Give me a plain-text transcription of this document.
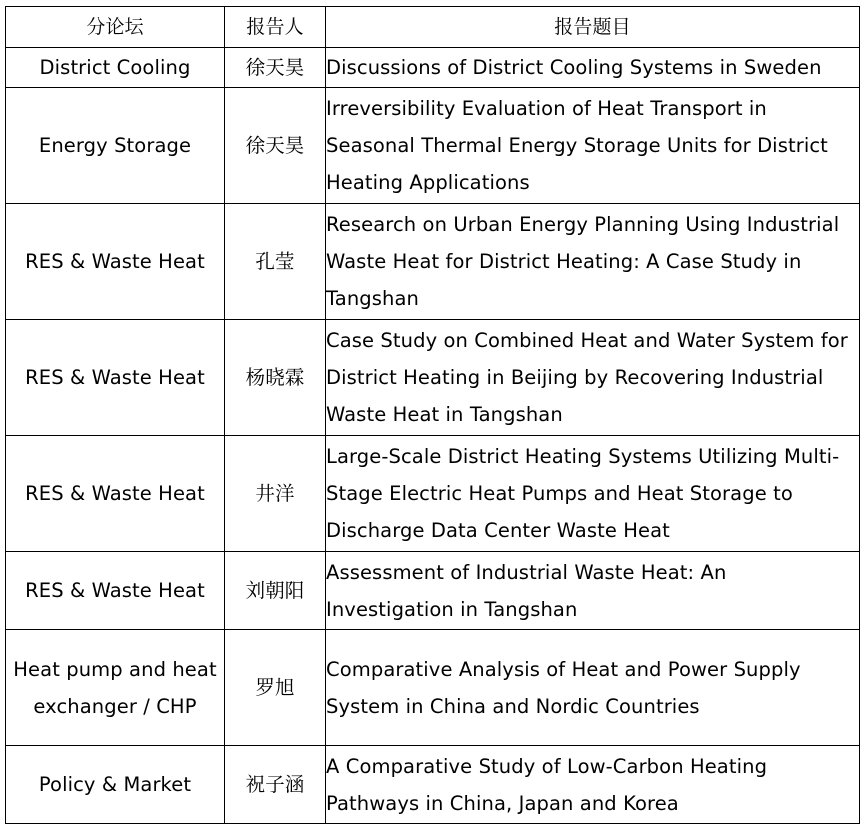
分论坛	报告人	报告题目
District Cooling	徐天昊	Discussions of District Cooling Systems in Sweden
Energy Storage	徐天昊	Irreversibility Evaluation of Heat Transport in Seasonal Thermal Energy Storage Units for District Heating Applications
RES & Waste Heat	孔莹	Research on Urban Energy Planning Using Industrial Waste Heat for District Heating: A Case Study in Tangshan
RES & Waste Heat	杨晓霖	Case Study on Combined Heat and Water System for District Heating in Beijing by Recovering Industrial Waste Heat in Tangshan
RES & Waste Heat	井洋	Large-Scale District Heating Systems Utilizing Multi-Stage Electric Heat Pumps and Heat Storage to Discharge Data Center Waste Heat
RES & Waste Heat	刘朝阳	Assessment of Industrial Waste Heat: An Investigation in Tangshan
Heat pump and heat exchanger / CHP	罗旭	Comparative Analysis of Heat and Power Supply System in China and Nordic Countries
Policy & Market	祝子涵	A Comparative Study of Low-Carbon Heating Pathways in China, Japan and Korea
